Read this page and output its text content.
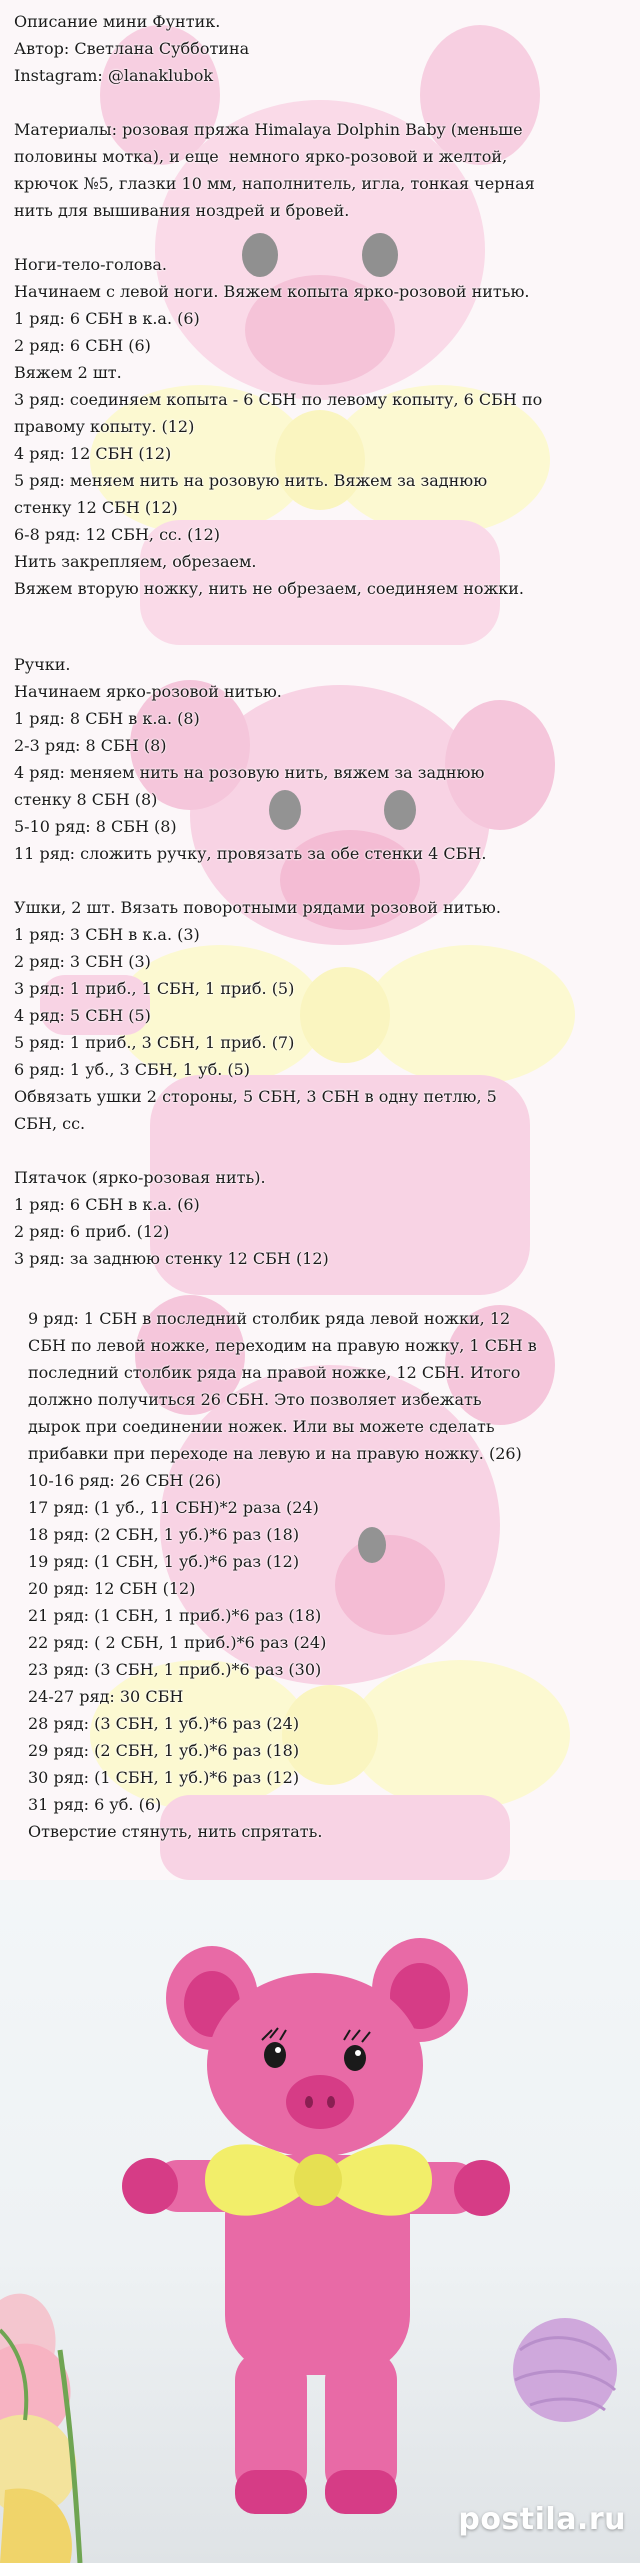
Описание мини Фунтик.
Автор: Светлана Субботина
Instagram: @lanaklubok

Материалы: розовая пряжа Himalaya Dolphin Baby (меньше
половины мотка), и еще  немного ярко-розовой и желтой,
крючок №5, глазки 10 мм, наполнитель, игла, тонкая черная
нить для вышивания ноздрей и бровей.

Ноги-тело-голова.
Начинаем с левой ноги. Вяжем копыта ярко-розовой нитью.
1 ряд: 6 СБН в к.а. (6)
2 ряд: 6 СБН (6)
Вяжем 2 шт.
3 ряд: соединяем копыта - 6 СБН по левому копыту, 6 СБН по
правому копыту. (12)
4 ряд: 12 СБН (12)
5 ряд: меняем нить на розовую нить. Вяжем за заднюю
стенку 12 СБН (12)
6-8 ряд: 12 СБН, сс. (12)
Нить закрепляем, обрезаем.
Вяжем вторую ножку, нить не обрезаем, соединяем ножки.
Ручки.
Начинаем ярко-розовой нитью.
1 ряд: 8 СБН в к.а. (8)
2-3 ряд: 8 СБН (8)
4 ряд: меняем нить на розовую нить, вяжем за заднюю
стенку 8 СБН (8)
5-10 ряд: 8 СБН (8)
11 ряд: сложить ручку, провязать за обе стенки 4 СБН.

Ушки, 2 шт. Вязать поворотными рядами розовой нитью.
1 ряд: 3 СБН в к.а. (3)
2 ряд: 3 СБН (3)
3 ряд: 1 приб., 1 СБН, 1 приб. (5)
4 ряд: 5 СБН (5)
5 ряд: 1 приб., 3 СБН, 1 приб. (7)
6 ряд: 1 уб., 3 СБН, 1 уб. (5)
Обвязать ушки 2 стороны, 5 СБН, 3 СБН в одну петлю, 5
СБН, сс.

Пятачок (ярко-розовая нить).
1 ряд: 6 СБН в к.а. (6)
2 ряд: 6 приб. (12)
3 ряд: за заднюю стенку 12 СБН (12)
9 ряд: 1 СБН в последний столбик ряда левой ножки, 12
СБН по левой ножке, переходим на правую ножку, 1 СБН в
последний столбик ряда на правой ножке, 12 СБН. Итого
должно получиться 26 СБН. Это позволяет избежать
дырок при соединении ножек. Или вы можете сделать
прибавки при переходе на левую и на правую ножку. (26)
10-16 ряд: 26 СБН (26)
17 ряд: (1 уб., 11 СБН)*2 раза (24)
18 ряд: (2 СБН, 1 уб.)*6 раз (18)
19 ряд: (1 СБН, 1 уб.)*6 раз (12)
20 ряд: 12 СБН (12)
21 ряд: (1 СБН, 1 приб.)*6 раз (18)
22 ряд: ( 2 СБН, 1 приб.)*6 раз (24)
23 ряд: (3 СБН, 1 приб.)*6 раз (30)
24-27 ряд: 30 СБН
28 ряд: (3 СБН, 1 уб.)*6 раз (24)
29 ряд: (2 СБН, 1 уб.)*6 раз (18)
30 ряд: (1 СБН, 1 уб.)*6 раз (12)
31 ряд: 6 уб. (6)
Отверстие стянуть, нить спрятать.
postila.ru
